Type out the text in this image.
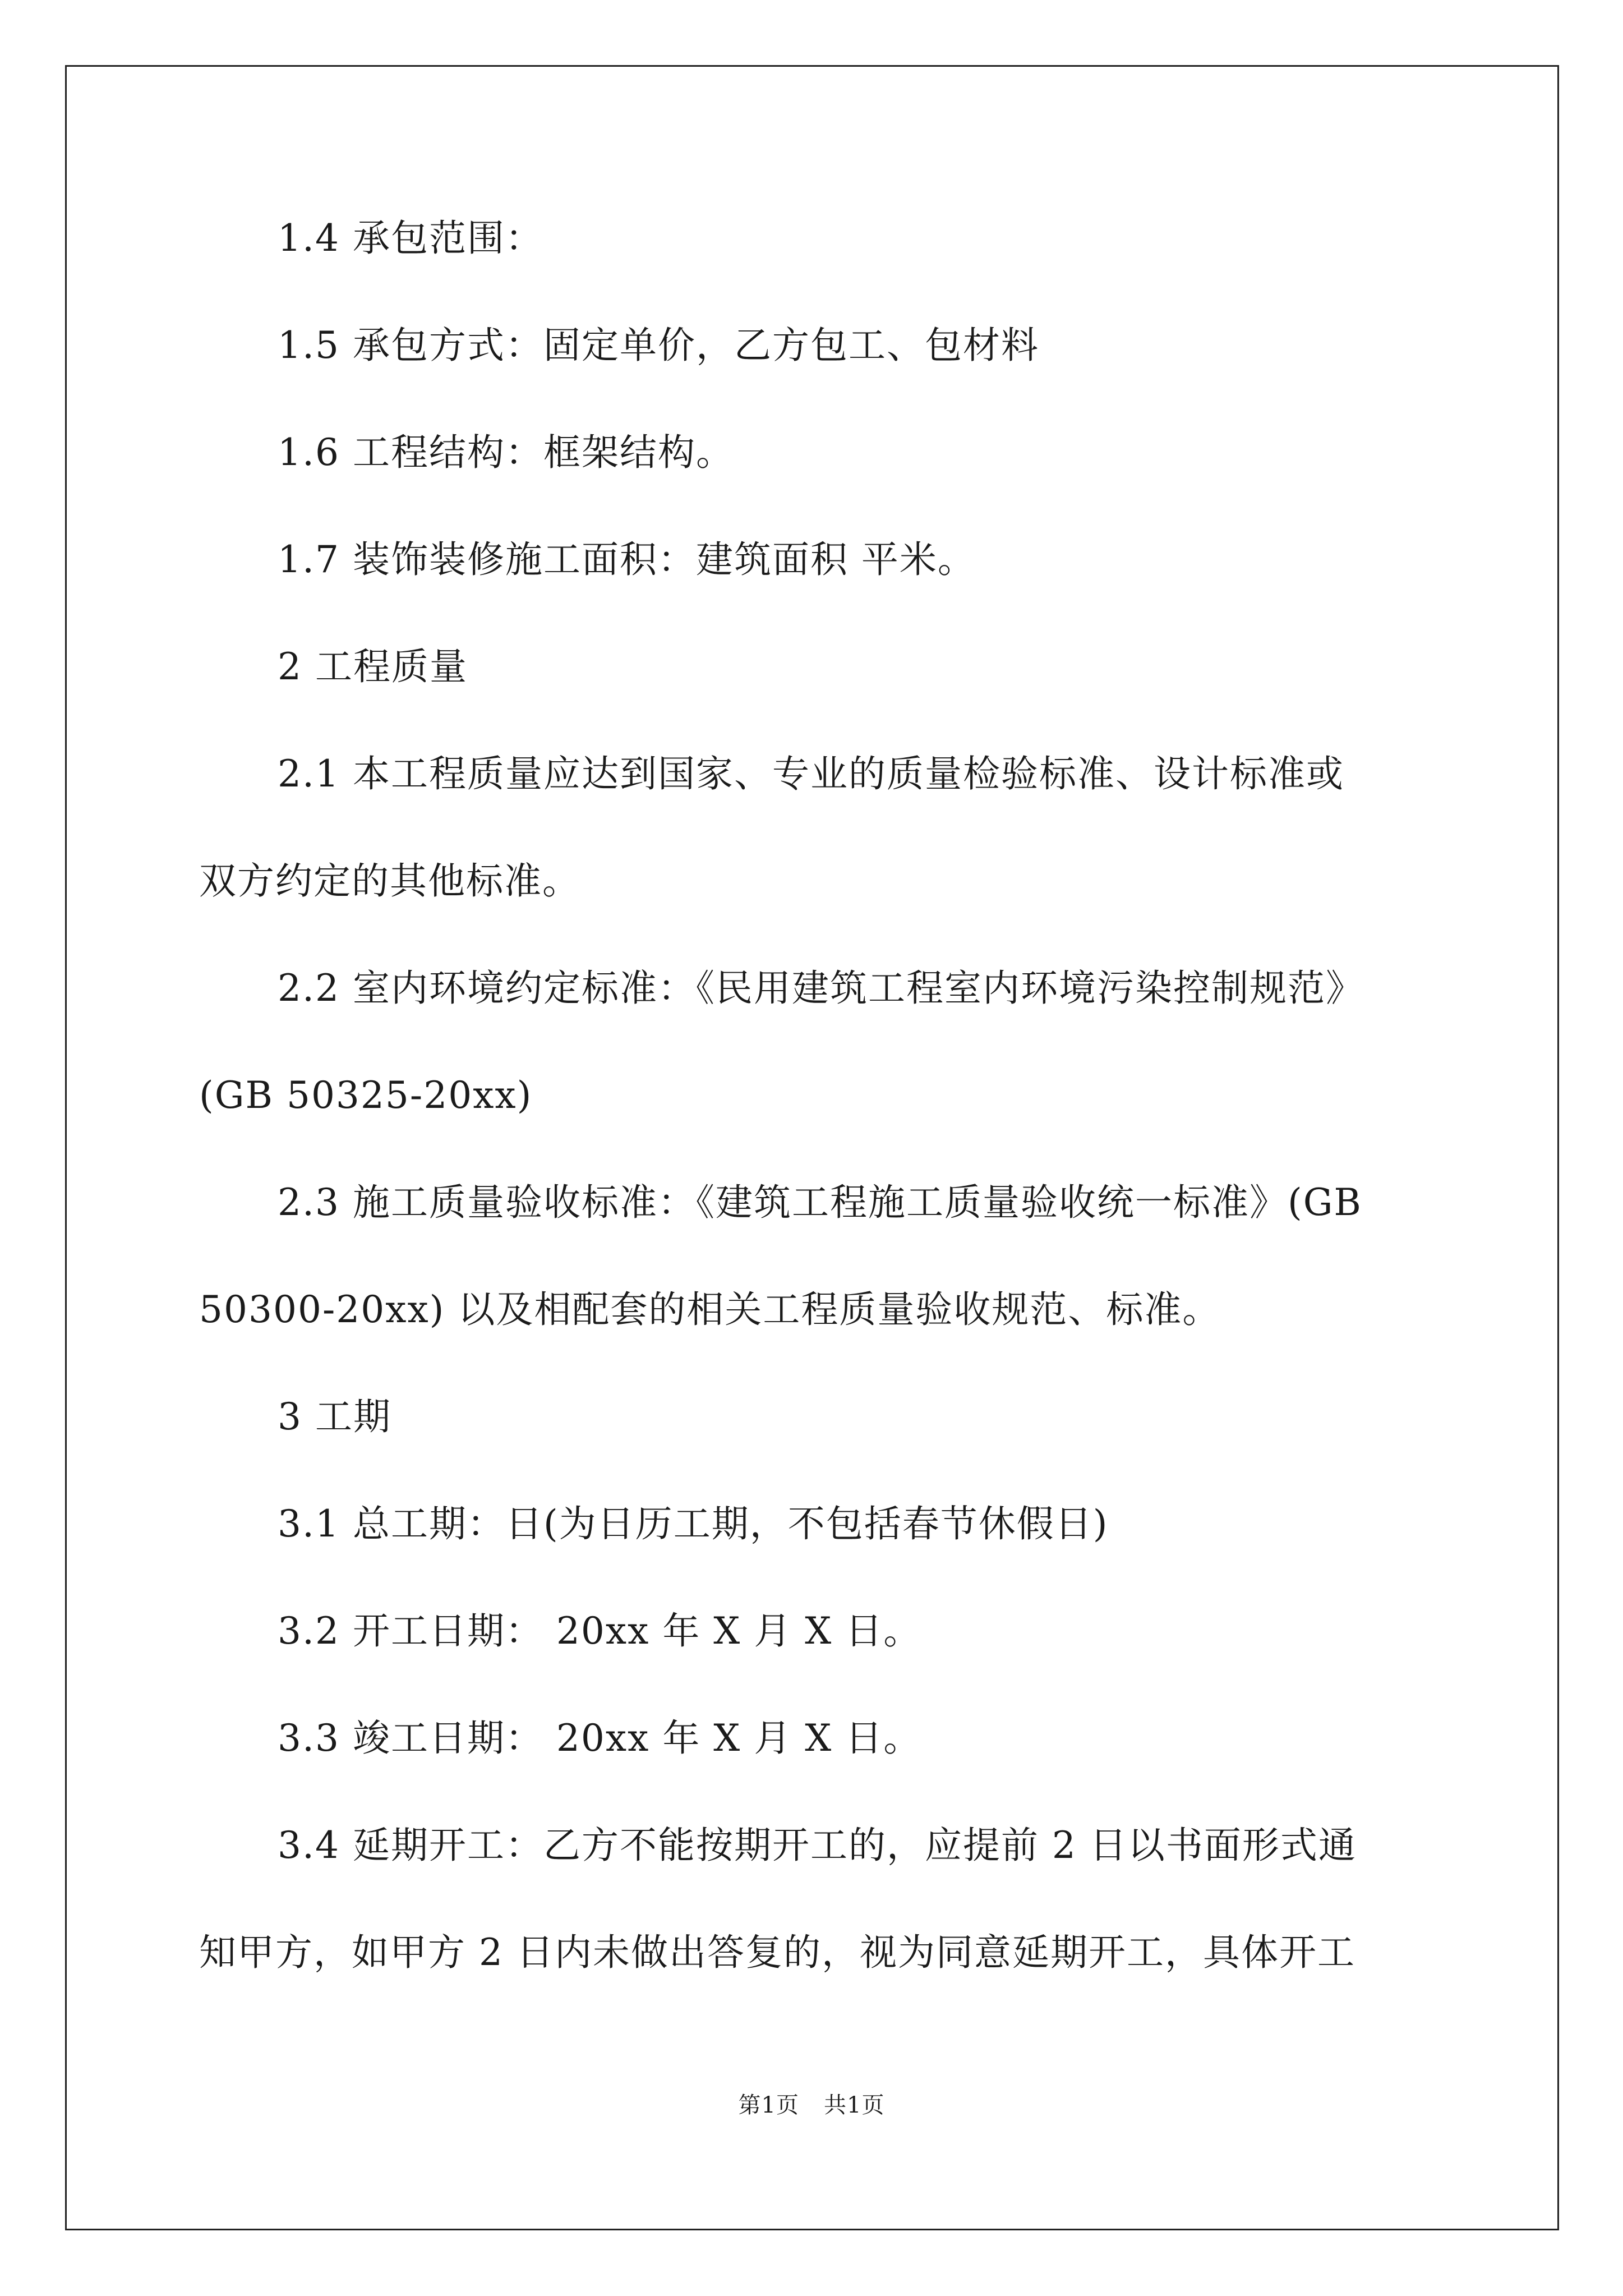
1.4 承包范围：
1.5 承包方式：固定单价，乙方包工、包材料
1.6 工程结构：框架结构。
1.7 装饰装修施工面积：建筑面积 平米。
2 工程质量
2.1 本工程质量应达到国家、专业的质量检验标准、设计标准或
双方约定的其他标准。
2.2 室内环境约定标准：《民用建筑工程室内环境污染控制规范》
(GB 50325-20xx)
2.3 施工质量验收标准：《建筑工程施工质量验收统一标准》(GB
50300-20xx) 以及相配套的相关工程质量验收规范、标准。
3 工期
3.1 总工期：日(为日历工期，不包括春节休假日)
3.2 开工日期： 20xx 年 X 月 X 日。
3.3 竣工日期： 20xx 年 X 月 X 日。
3.4 延期开工：乙方不能按期开工的，应提前 2 日以书面形式通
知甲方，如甲方 2 日内未做出答复的，视为同意延期开工，具体开工
第1页 共1页
